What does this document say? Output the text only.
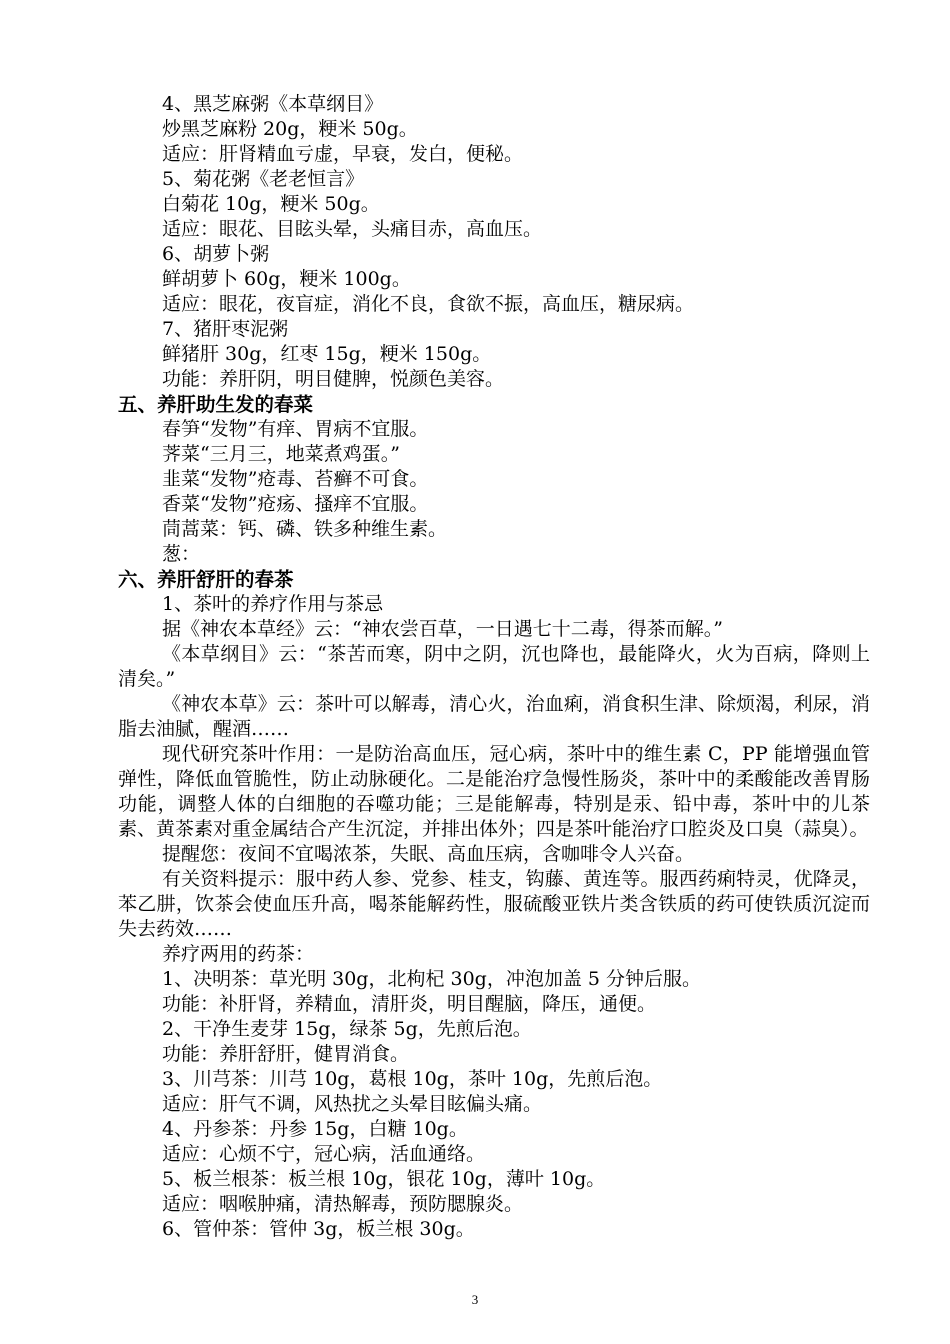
4、黑芝麻粥《本草纲目》

炒黑芝麻粉 20g，粳米 50g。

适应：肝肾精血亏虚，早衰，发白，便秘。

5、菊花粥《老老恒言》

白菊花 10g，粳米 50g。

适应：眼花、目眩头晕，头痛目赤，高血压。

6、胡萝卜粥

鲜胡萝卜 60g，粳米 100g。

适应：眼花，夜盲症，消化不良，食欲不振，高血压，糖尿病。

7、猪肝枣泥粥

鲜猪肝 30g，红枣 15g，粳米 150g。

功能：养肝阴，明目健脾，悦颜色美容。

五、养肝助生发的春菜

春笋“发物”有痒、胃病不宜服。

荠菜“三月三，地菜煮鸡蛋。”

韭菜“发物”疮毒、苔癣不可食。

香菜“发物”疮疡、搔痒不宜服。

茼蒿菜：钙、磷、铁多种维生素。

葱：

六、养肝舒肝的春茶

1、茶叶的养疗作用与茶忌

据《神农本草经》云：“神农尝百草，一日遇七十二毒，得茶而解。”

《本草纲目》云：“茶苦而寒，阴中之阴，沉也降也，最能降火，火为百病，降则上清矣。”

《神农本草》云：茶叶可以解毒，清心火，治血痢，消食积生津、除烦渴，利尿，消脂去油腻，醒酒……

现代研究茶叶作用：一是防治高血压，冠心病，茶叶中的维生素 C，PP 能增强血管弹性，降低血管脆性，防止动脉硬化。二是能治疗急慢性肠炎，茶叶中的柔酸能改善胃肠功能，调整人体的白细胞的吞噬功能；三是能解毒，特别是汞、铅中毒，茶叶中的儿茶素、黄茶素对重金属结合产生沉淀，并排出体外；四是茶叶能治疗口腔炎及口臭（蒜臭）。

提醒您：夜间不宜喝浓茶，失眠、高血压病，含咖啡令人兴奋。

有关资料提示：服中药人参、党参、桂支，钩藤、黄连等。服西药痢特灵，优降灵，苯乙肼，饮茶会使血压升高，喝茶能解药性，服硫酸亚铁片类含铁质的药可使铁质沉淀而失去药效……

养疗两用的药茶：

1、决明茶：草光明 30g，北枸杞 30g，冲泡加盖 5 分钟后服。

功能：补肝肾，养精血，清肝炎，明目醒脑，降压，通便。

2、干净生麦芽 15g，绿茶 5g，先煎后泡。

功能：养肝舒肝，健胃消食。

3、川芎茶：川芎 10g，葛根 10g，茶叶 10g，先煎后泡。

适应：肝气不调，风热扰之头晕目眩偏头痛。

4、丹参茶：丹参 15g，白糖 10g。

适应：心烦不宁，冠心病，活血通络。

5、板兰根茶：板兰根 10g，银花 10g，薄叶 10g。

适应：咽喉肿痛，清热解毒，预防腮腺炎。

6、管仲茶：管仲 3g，板兰根 30g。

3
